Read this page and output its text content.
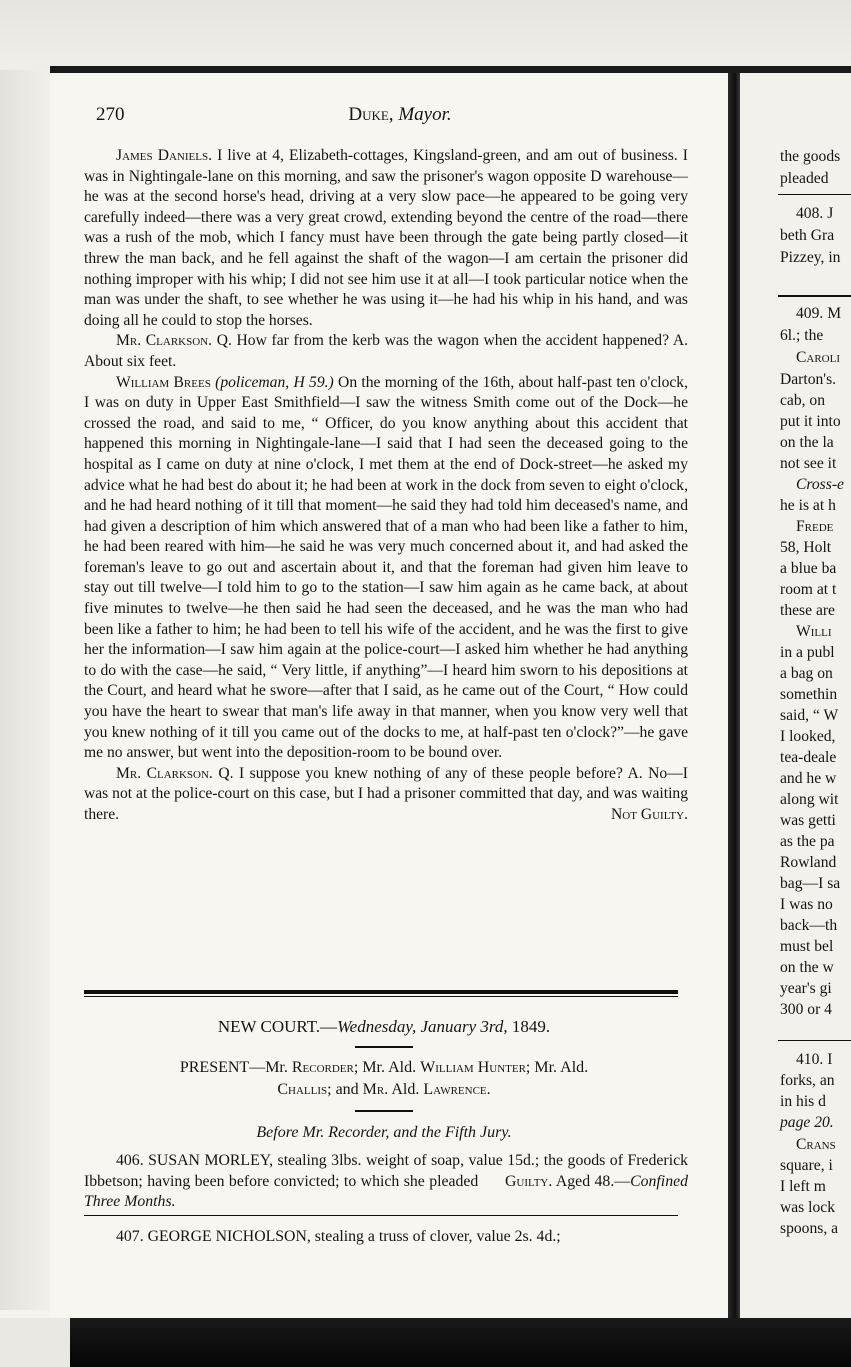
270	Duke, Mayor.

James Daniels. I live at 4, Elizabeth-cottages, Kingsland-green, and am out of business. I was in Nightingale-lane on this morning, and saw the prisoner's wagon opposite D warehouse—he was at the second horse's head, driving at a very slow pace—he appeared to be going very carefully indeed—there was a very great crowd, extending beyond the centre of the road—there was a rush of the mob, which I fancy must have been through the gate being partly closed—it threw the man back, and he fell against the shaft of the wagon—I am certain the prisoner did nothing improper with his whip; I did not see him use it at all—I took particular notice when the man was under the shaft, to see whether he was using it—he had his whip in his hand, and was doing all he could to stop the horses.

Mr. Clarkson. Q. How far from the kerb was the wagon when the accident happened? A. About six feet.

William Brees (policeman, H 59.) On the morning of the 16th, about half-past ten o'clock, I was on duty in Upper East Smithfield—I saw the witness Smith come out of the Dock—he crossed the road, and said to me, “ Officer, do you know anything about this accident that happened this morning in Nightingale-lane—I said that I had seen the deceased going to the hospital as I came on duty at nine o'clock, I met them at the end of Dock-street—he asked my advice what he had best do about it; he had been at work in the dock from seven to eight o'clock, and he had heard nothing of it till that moment—he said they had told him deceased's name, and had given a description of him which answered that of a man who had been like a father to him, he had been reared with him—he said he was very much concerned about it, and had asked the foreman's leave to go out and ascertain about it, and that the foreman had given him leave to stay out till twelve—I told him to go to the station—I saw him again as he came back, at about five minutes to twelve—he then said he had seen the deceased, and he was the man who had been like a father to him; he had been to tell his wife of the accident, and he was the first to give her the information—I saw him again at the police-court—I asked him whether he had anything to do with the case—he said, “ Very little, if anything”—I heard him sworn to his depositions at the Court, and heard what he swore—after that I said, as he came out of the Court, “ How could you have the heart to swear that man's life away in that manner, when you know very well that you knew nothing of it till you came out of the docks to me, at half-past ten o'clock?”—he gave me no answer, but went into the deposition-room to be bound over.

Mr. Clarkson. Q. I suppose you knew nothing of any of these people before? A. No—I was not at the police-court on this case, but I had a prisoner committed that day, and was waiting there.	Not Guilty.

NEW COURT.—Wednesday, January 3rd, 1849.
PRESENT—Mr. Recorder; Mr. Ald. William Hunter; Mr. Ald.
Challis; and Mr. Ald. Lawrence.
Before Mr. Recorder, and the Fifth Jury.

406. SUSAN MORLEY, stealing 3lbs. weight of soap, value 15d.; the goods of Frederick Ibbetson; having been before convicted; to which she pleaded Guilty. Aged 48.—Confined Three Months.

407. GEORGE NICHOLSON, stealing a truss of clover, value 2s. 4d.;

the goods
pleaded
408. J
beth Gra
Pizzey, in
409. M
6l.; the
Caroli
Darton's.
cab, on
put it into
on the la
not see it
Cross-e
he is at h
Frede
58, Holt
a blue ba
room at t
these are
Willi
in a publ
a bag on
somethin
said, “ W
I looked,
tea-deale
and he w
along wit
was getti
as the pa
Rowland
bag—I sa
I was no
back—th
must bel
on the w
year's gi
300 or 4
410. I
forks, an
in his d
page 20.
Crans
square, i
I left m
was lock
spoons, a
